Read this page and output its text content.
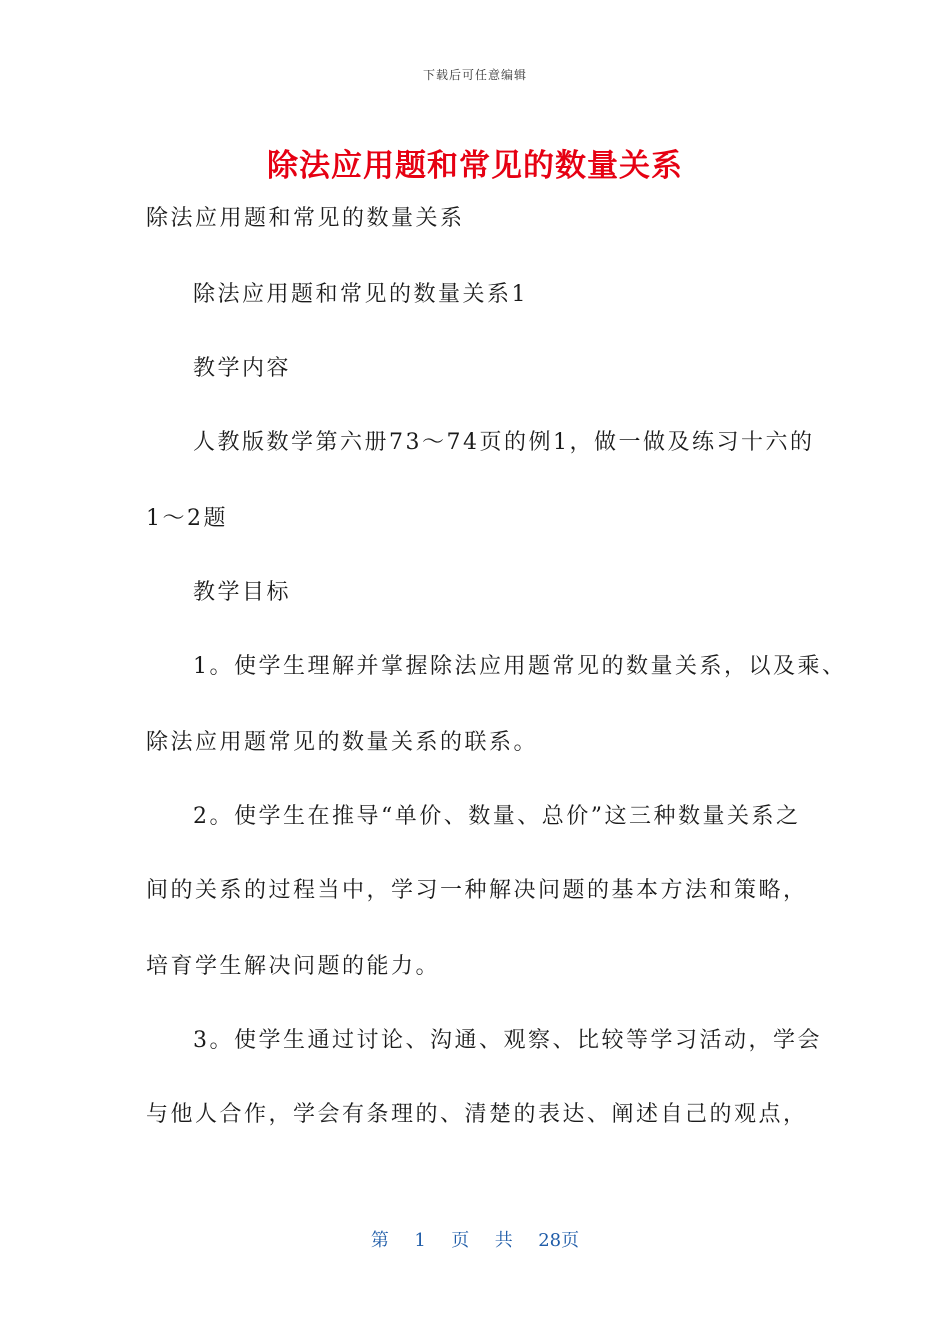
下载后可任意编辑
除法应用题和常见的数量关系
除法应用题和常见的数量关系
除法应用题和常见的数量关系1
教学内容
人教版数学第六册73～74页的例1，做一做及练习十六的
1～2题
教学目标
1。使学生理解并掌握除法应用题常见的数量关系，以及乘、
除法应用题常见的数量关系的联系。
2。使学生在推导“单价、数量、总价”这三种数量关系之
间的关系的过程当中，学习一种解决问题的基本方法和策略，
培育学生解决问题的能力。
3。使学生通过讨论、沟通、观察、比较等学习活动，学会
与他人合作，学会有条理的、清楚的表达、阐述自己的观点，
第 1 页 共 28页
